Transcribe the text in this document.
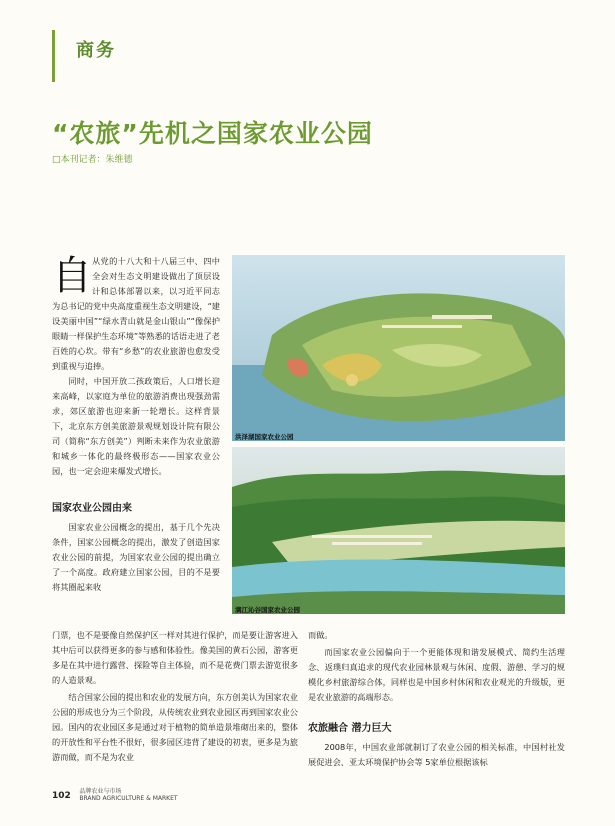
商务
“农旅”先机之国家农业公园
□本刊记者：朱维德
自 从党的十八大和十八届三中、四中全会对生态文明建设做出了顶层设计和总体部署以来，以习近平同志为总书记的党中央高度重视生态文明建设，“建设美丽中国”“绿水青山就是金山银山”“像保护眼睛一样保护生态环境”等熟悉的话语走进了老百姓的心坎。带有“乡愁”的农业旅游也愈发受到重视与追捧。

同时，中国开放二孩政策后，人口增长迎来高峰，以家庭为单位的旅游消费出现强劲需求，郊区旅游也迎来新一轮增长。这样背景下，北京东方创美旅游景观规划设计院有限公司（简称“东方创美”）判断未来作为农业旅游和城乡一体化的最终极形态——国家农业公园，也一定会迎来爆发式增长。

国家农业公园由来

国家农业公园概念的提出，基于几个先决条件，国家公园概念的提出，激发了创造国家农业公园的前提，为国家农业公园的提出确立了一个高度。政府建立国家公园，目的不是要将其圈起来收

洪泽湖国家农业公园
漓江沁谷国家农业公园

门票，也不是要像自然保护区一样对其进行保护，而是要让游客进入其中后可以获得更多的参与感和体验性。像美国的黄石公园，游客更多是在其中进行露营、探险等自主体验，而不是花费门票去游览很多的人造景观。

结合国家公园的提出和农业的发展方向，东方创美认为国家农业公园的形成也分为三个阶段，从传统农业到农业园区再到国家农业公园。国内的农业园区多是通过对于植物的简单造景堆砌出来的，整体的开放性和平台性不很好，很多园区违背了建设的初衷，更多是为旅游而做，而不是为农业

而做。

而国家农业公园偏向于一个更能体现和谐发展模式、简约生活理念、返璞归真追求的现代农业园林景观与休闲、度假、游憩、学习的规模化乡村旅游综合体，同样也是中国乡村休闲和农业观光的升级版，更是农业旅游的高端形态。

农旅融合 潜力巨大

2008年，中国农业部就制订了农业公园的相关标准，中国村社发展促进会、亚太环境保护协会等 5家单位根据该标

102 品牌农业与市场
BRAND AGRICULTURE & MARKET
